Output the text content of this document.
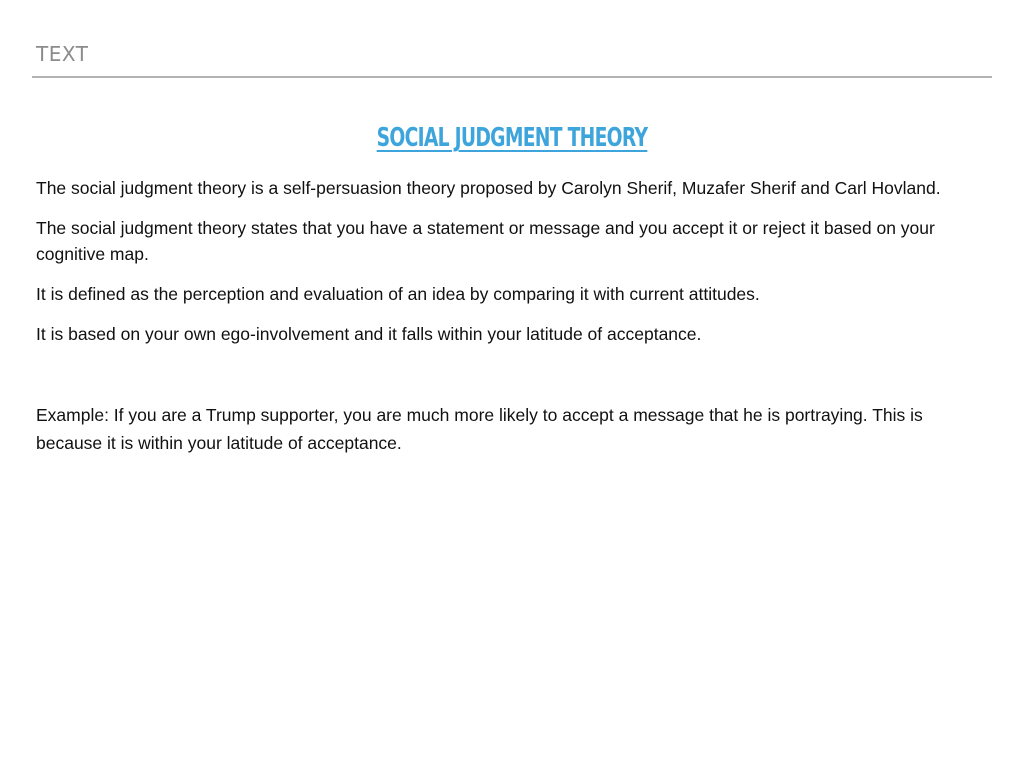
TEXT
SOCIAL JUDGMENT THEORY

The social judgment theory is a self-persuasion theory proposed by Carolyn Sherif, Muzafer Sherif and Carl Hovland.

The social judgment theory states that you have a statement or message and you accept it or reject it based on your cognitive map.

It is defined as the perception and evaluation of an idea by comparing it with current attitudes.

It is based on your own ego-involvement and it falls within your latitude of acceptance.

Example: If you are a Trump supporter, you are much more likely to accept a message that he is portraying. This is because it is within your latitude of acceptance.
